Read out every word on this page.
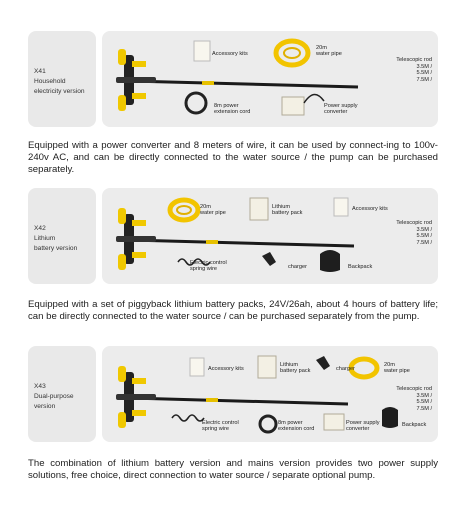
X41
Household
electricity version
Accessory kits
20m
water pipe
Telescopic rod
3.5M /
5.5M /
7.5M /
8m power
extension cord
Power supply
converter
Equipped with a power converter and 8 meters of wire, it can be used by connect-ing to 100v-240v AC, and can be directly connected to the water source / the pump can be purchased separately.
X42
Lithium
battery version
20m
water pipe
Lithium
battery pack
Accessory kits
Telescopic rod
3.5M /
5.5M /
7.5M /
Electric control
spring wire	charger	Backpack
Equipped with a set of piggyback lithium battery packs, 24V/26ah, about 4 hours of battery life; can be directly connected to the water source / can be purchased separately from the pump.
X43
Dual-purpose
version
Accessory kits
Lithium
battery pack	charger
20m
water pipe
Telescopic rod
3.5M /
5.5M /
7.5M /
Electric control
spring wire
8m power
extension cord
Power supply
converter
Backpack
The combination of lithium battery version and mains version provides two power supply solutions, free choice, direct connection to water source / separate optional pump.
